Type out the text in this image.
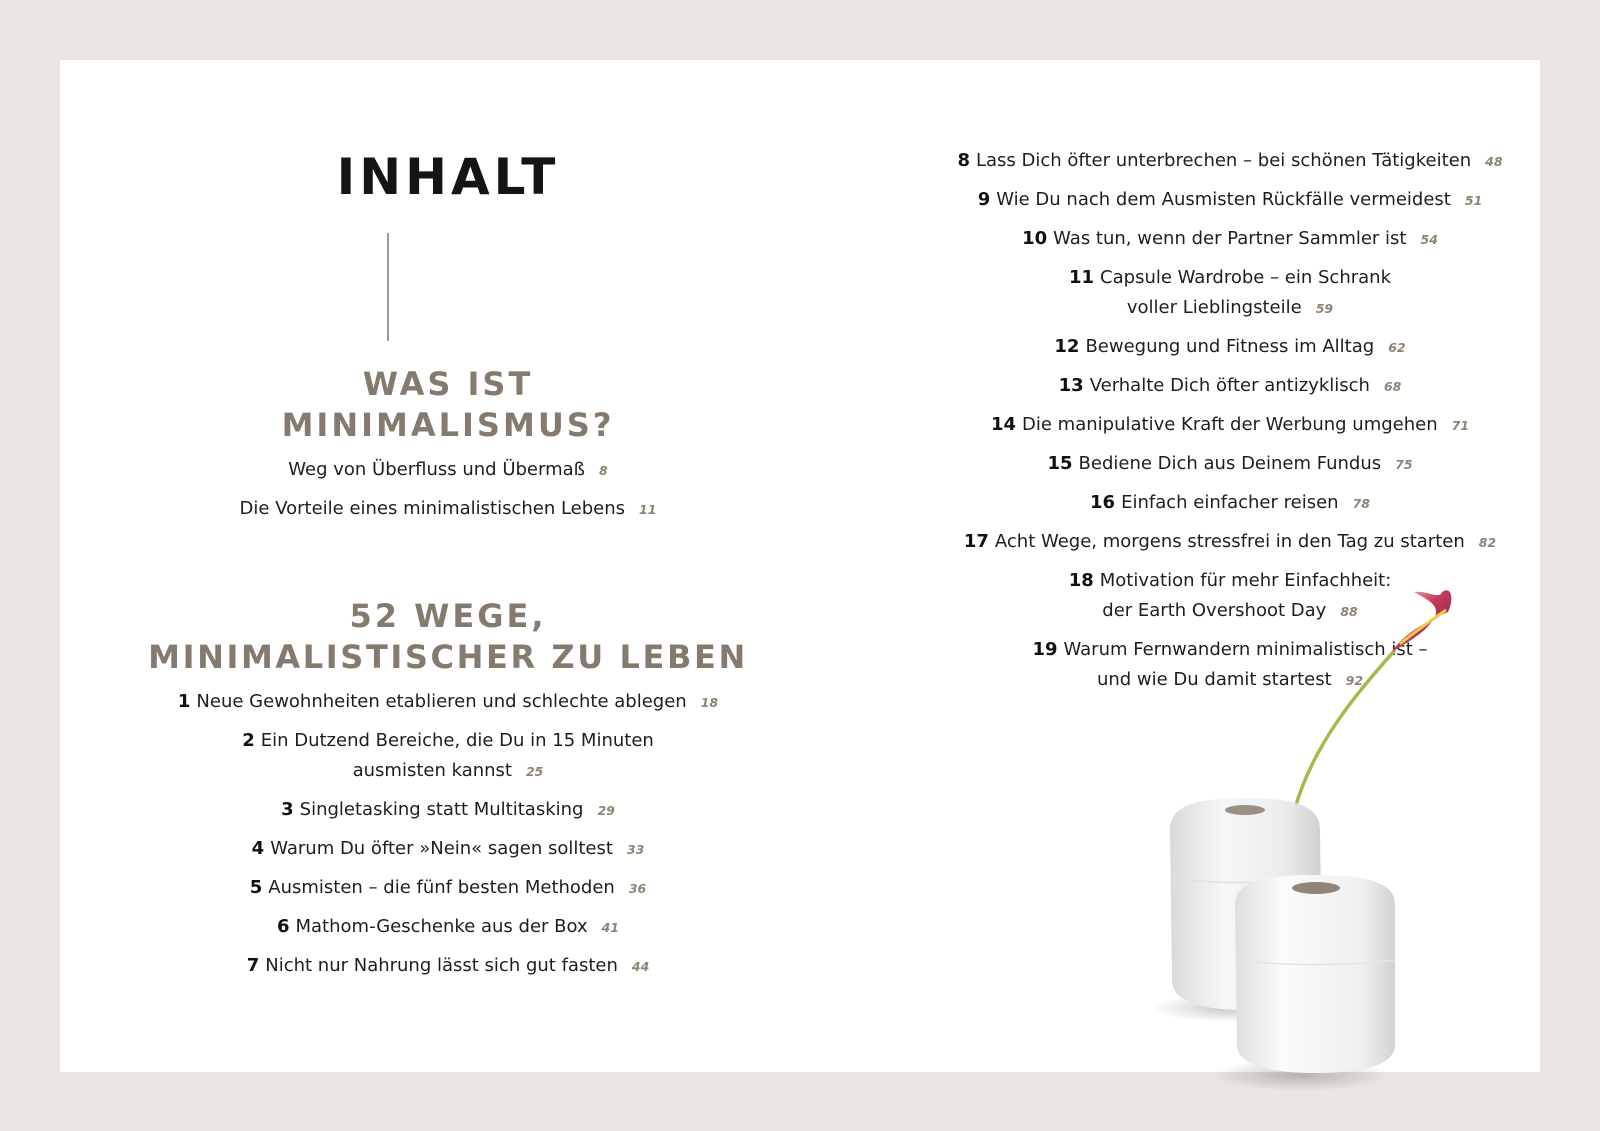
INHALT
WAS IST
MINIMALISMUS?
Weg von Überfluss und Übermaß 8
Die Vorteile eines minimalistischen Lebens 11
52 WEGE,
MINIMALISTISCHER ZU LEBEN
1 Neue Gewohnheiten etablieren und schlechte ablegen 18
2 Ein Dutzend Bereiche, die Du in 15 Minuten
ausmisten kannst 25
3 Singletasking statt Multitasking 29
4 Warum Du öfter »Nein« sagen solltest 33
5 Ausmisten – die fünf besten Methoden 36
6 Mathom-Geschenke aus der Box 41
7 Nicht nur Nahrung lässt sich gut fasten 44
8 Lass Dich öfter unterbrechen – bei schönen Tätigkeiten 48
9 Wie Du nach dem Ausmisten Rückfälle vermeidest 51
10 Was tun, wenn der Partner Sammler ist 54
11 Capsule Wardrobe – ein Schrank
voller Lieblingsteile 59
12 Bewegung und Fitness im Alltag 62
13 Verhalte Dich öfter antizyklisch 68
14 Die manipulative Kraft der Werbung umgehen 71
15 Bediene Dich aus Deinem Fundus 75
16 Einfach einfacher reisen 78
17 Acht Wege, morgens stressfrei in den Tag zu starten 82
18 Motivation für mehr Einfachheit:
der Earth Overshoot Day 88
19 Warum Fernwandern minimalistisch ist –
und wie Du damit startest 92
